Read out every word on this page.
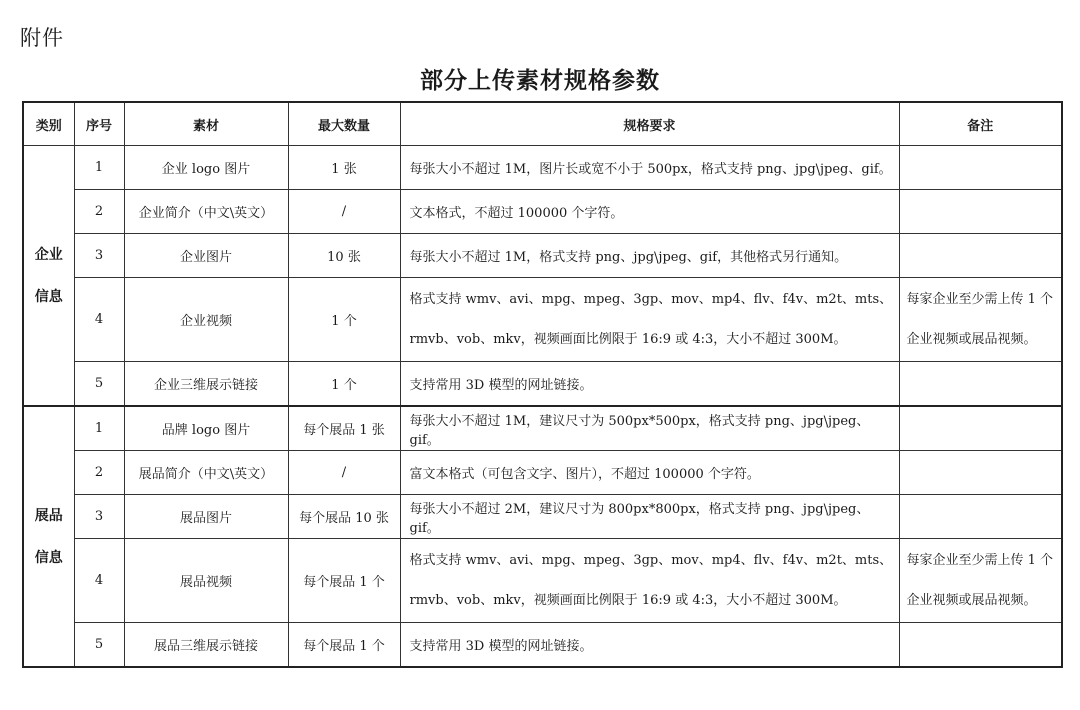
附件
部分上传素材规格参数
类别	序号	素材	最大数量	规格要求	备注

企业
信息	1	企业 logo 图片	1 张	每张大小不超过 1M，图片长或宽不小于 500px，格式支持 png、jpg\jpeg、gif。	
	2	企业简介（中文\英文）	/	文本格式，不超过 100000 个字符。	
	3	企业图片	10 张	每张大小不超过 1M，格式支持 png、jpg\jpeg、gif，其他格式另行通知。	
	4	企业视频	1 个	格式支持 wmv、avi、mpg、mpeg、3gp、mov、mp4、flv、f4v、m2t、mts、rmvb、vob、mkv，视频画面比例限于 16:9 或 4:3，大小不超过 300M。	每家企业至少需上传 1 个企业视频或展品视频。
	5	企业三维展示链接	1 个	支持常用 3D 模型的网址链接。	

展品
信息	1	品牌 logo 图片	每个展品 1 张	每张大小不超过 1M，建议尺寸为 500px*500px，格式支持 png、jpg\jpeg、gif。	
	2	展品简介（中文\英文）	/	富文本格式（可包含文字、图片），不超过 100000 个字符。	
	3	展品图片	每个展品 10 张	每张大小不超过 2M，建议尺寸为 800px*800px，格式支持 png、jpg\jpeg、gif。	
	4	展品视频	每个展品 1 个	格式支持 wmv、avi、mpg、mpeg、3gp、mov、mp4、flv、f4v、m2t、mts、rmvb、vob、mkv，视频画面比例限于 16:9 或 4:3，大小不超过 300M。	每家企业至少需上传 1 个企业视频或展品视频。
	5	展品三维展示链接	每个展品 1 个	支持常用 3D 模型的网址链接。	
